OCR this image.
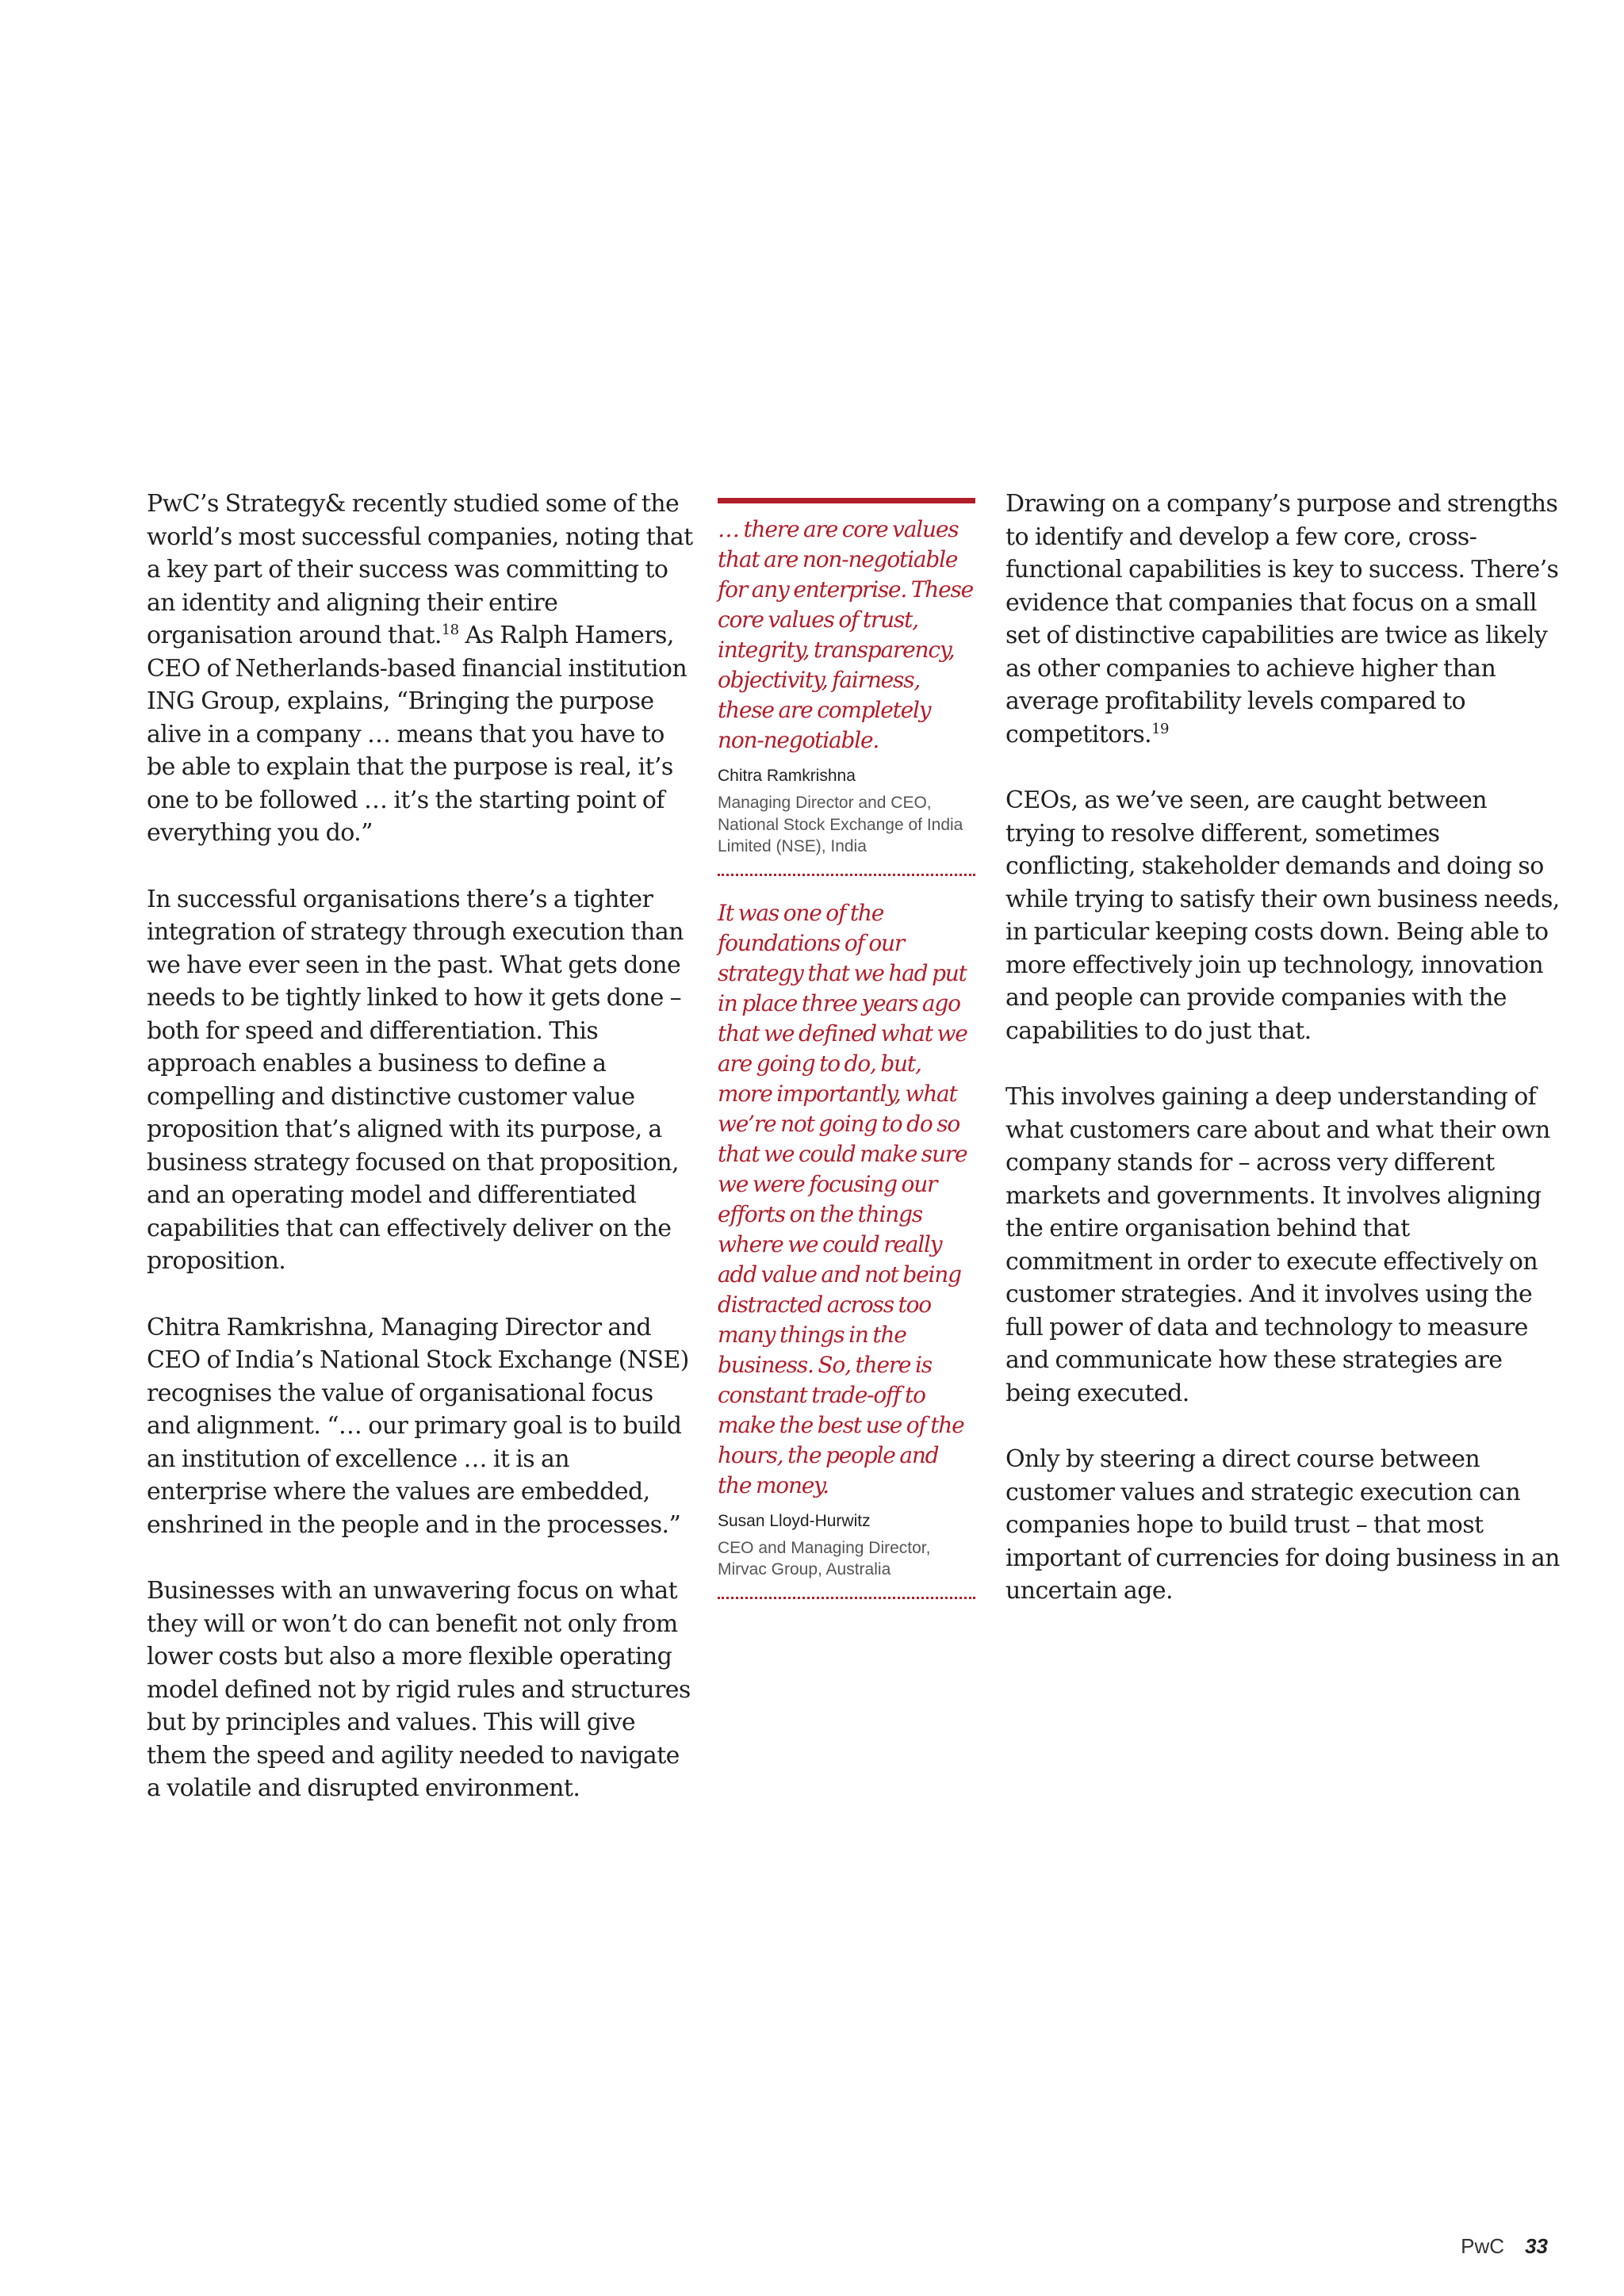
PwC’s Strategy& recently studied some of the world’s most successful companies, noting that a key part of their success was committing to an identity and aligning their entire organisation around that.$^{18}$ As Ralph Hamers, CEO of Netherlands-based financial institution ING Group, explains, “Bringing the purpose alive in a company … means that you have to be able to explain that the purpose is real, it’s one to be followed … it’s the starting point of everything you do.”

In successful organisations there’s a tighter integration of strategy through execution than we have ever seen in the past. What gets done needs to be tightly linked to how it gets done – both for speed and differentiation. This approach enables a business to define a compelling and distinctive customer value proposition that’s aligned with its purpose, a business strategy focused on that proposition, and an operating model and differentiated capabilities that can effectively deliver on the proposition.

Chitra Ramkrishna, Managing Director and CEO of India’s National Stock Exchange (NSE) recognises the value of organisational focus and alignment. “… our primary goal is to build an institution of excellence … it is an enterprise where the values are embedded, enshrined in the people and in the processes.”

Businesses with an unwavering focus on what they will or won’t do can benefit not only from lower costs but also a more flexible operating model defined not by rigid rules and structures but by principles and values. This will give them the speed and agility needed to navigate a volatile and disrupted environment.

… there are core values that are non-negotiable for any enterprise. These core values of trust, integrity, transparency, objectivity, fairness, these are completely non-negotiable.

Chitra Ramkrishna

Managing Director and CEO, National Stock Exchange of India Limited (NSE), India

It was one of the foundations of our strategy that we had put in place three years ago that we defined what we are going to do, but, more importantly, what we’re not going to do so that we could make sure we were focusing our efforts on the things where we could really add value and not being distracted across too many things in the business. So, there is constant trade-off to make the best use of the hours, the people and the money.

Susan Lloyd-Hurwitz

CEO and Managing Director, Mirvac Group, Australia

Drawing on a company’s purpose and strengths to identify and develop a few core, cross-functional capabilities is key to success. There’s evidence that companies that focus on a small set of distinctive capabilities are twice as likely as other companies to achieve higher than average profitability levels compared to competitors.$^{19}$

CEOs, as we’ve seen, are caught between trying to resolve different, sometimes conflicting, stakeholder demands and doing so while trying to satisfy their own business needs, in particular keeping costs down. Being able to more effectively join up technology, innovation and people can provide companies with the capabilities to do just that.

This involves gaining a deep understanding of what customers care about and what their own company stands for – across very different markets and governments. It involves aligning the entire organisation behind that commitment in order to execute effectively on customer strategies. And it involves using the full power of data and technology to measure and communicate how these strategies are being executed.

Only by steering a direct course between customer values and strategic execution can companies hope to build trust – that most important of currencies for doing business in an uncertain age.

PwC 33
